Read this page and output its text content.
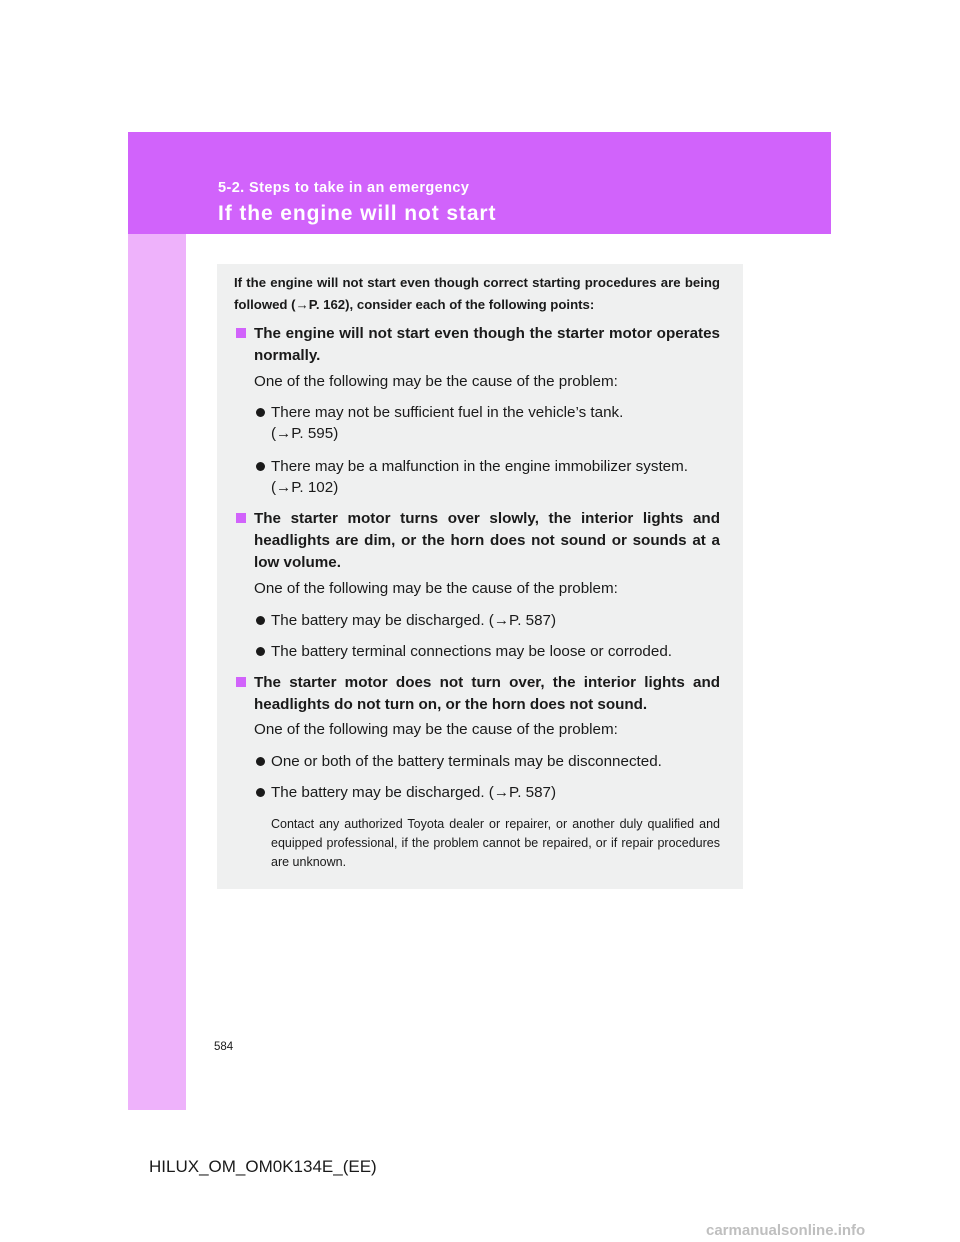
5-2. Steps to take in an emergency
If the engine will not start

If the engine will not start even though correct starting procedures are being followed (→P. 162), consider each of the following points:

The engine will not start even though the starter motor operates normally.
One of the following may be the cause of the problem:
There may not be sufficient fuel in the vehicle’s tank.
(→P. 595)
There may be a malfunction in the engine immobilizer system.
(→P. 102)
The starter motor turns over slowly, the interior lights and headlights are dim, or the horn does not sound or sounds at a low volume.
One of the following may be the cause of the problem:
The battery may be discharged. (→P. 587)
The battery terminal connections may be loose or corroded.
The starter motor does not turn over, the interior lights and headlights do not turn on, or the horn does not sound.
One of the following may be the cause of the problem:
One or both of the battery terminals may be disconnected.
The battery may be discharged. (→P. 587)

Contact any authorized Toyota dealer or repairer, or another duly qualified and equipped professional, if the problem cannot be repaired, or if repair procedures are unknown.

584
HILUX_OM_OM0K134E_(EE)
carmanualsonline.info
